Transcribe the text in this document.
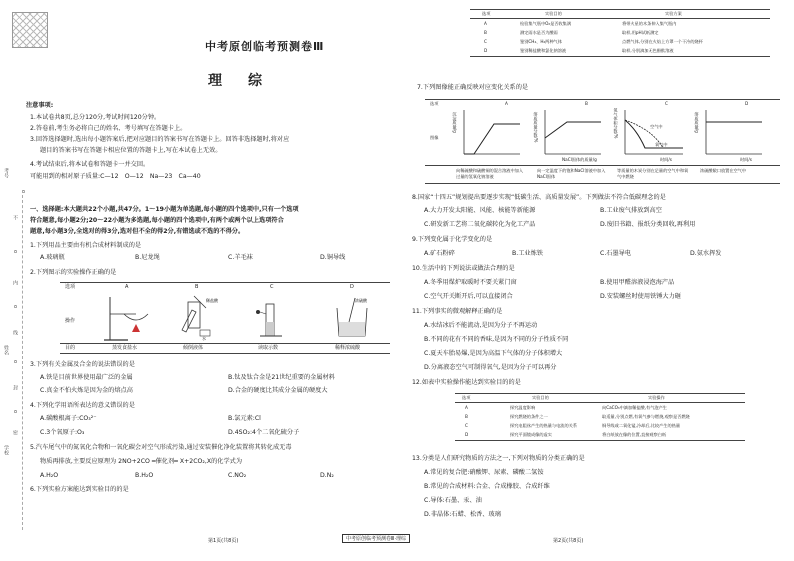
中考原创临考预测卷Ⅲ
理　综
注意事项:
1.本试卷共8页,总分120分,考试时间120分钟。
2.答卷前,考生务必将自己的姓名、考号填写在答题卡上。
3.回答选择题时,选出每小题答案后,把对应题目的答案书写在答题卡上。回答非选择题时,将对应
题目的答案书写在答题卡相应位置的答题卡上,写在本试卷上无效。
4.考试结束后,将本试卷和答题卡一并交回。
可能用到的相对原子质量:C—12　O—12　Na—23　Ca—40
考号
姓名
学校
o
不
o
内
o
线
o
封
o
密
一、选择题:本大题共22个小题,共47分。1～19小题为单选题,每小题的四个选项中,只有一个选项
符合题意,每小题2分;20～22小题为多选题,每小题的四个选项中,有两个或两个以上选项符合
题意,每小题3分,全选对的得3分,选对但不全的得2分,有错选或不选的不得分。
1.下列用品主要由有机合成材料制成的是
A.玻璃瓶	B.尼龙绳	C.羊毛袜	D.铜导线
2.下列图示的实验操作正确的是
选项	A	B	C	D
操作
稀盐酸
水
浓硫酸
目的	蒸发食盐水	倾倒液体	读取示数	稀释浓硫酸
3.下列有关金属及合金的说法错误的是
A.铁是目前世界使用最广泛的金属	B.钛及钛合金是21世纪重要的金属材料
C.真金不怕火炼是因为金的熔点高	D.合金的硬度比其成分金属的硬度大
4.下列化学用语所表达的意义错误的是
A.碳酸根离子:CO₃²⁻	B.氯元素:Cl
C.3个氧原子:O₃	D.4SO₂:4个二氧化硫分子
5.汽车尾气中的氮氧化合物和一氧化碳会对空气形成污染,通过安装催化净化装置将其转化成无毒
物质再排放,主要反应原理为 2NO+2CO ═催化剂═ X+2CO₂,X的化学式为
A.H₂O	B.H₂O	C.NO₂	D.N₂
6.下列实验方案能达到实验目的的是
第1页(共8页)	中考原创临考预测卷Ⅲ·理综	第2页(共8页)
选项	实验目的	实验方案
A	检验集气瓶中O₂是否收集满	将带火星的木条伸入集气瓶内
B	测定雨水是否为酸雨	取样,用pH试纸测定
C	鉴别CH₄、H₂两种气体	点燃气体,分别在火焰上方罩一个干冷的烧杯
D	鉴别稀盐酸和氯化钠溶液	取样,分别滴加无色酚酞溶液
7.下列图像能正确反映对应变化关系的是
选项	A	B	C	D
图像
沉淀质量/g	溶质质量分数/%
NaCl固体的质量/g
氧气体积分数/%	空气中
氧气中
时间/s
溶质质量/g
时间/s
向稀硫酸和硫酸铜的混合溶液中加入过量的氢氧化钠溶液
向一定温度下的饱和NaCl溶液中加入NaCl固体
等质量的木炭分别在足量的空气中和氧气中燃烧
浓硫酸敞口放置在空气中
8.国家“十四五”规划提出要逐步实现“低碳生活、高质量发展”。下列做法不符合低碳理念的是
A.大力开发太阳能、风能、核能等新能源	B.工业废气排放到高空
C.研发新工艺将二氧化碳转化为化工产品	D.废旧书籍、报纸分类回收,再利用
9.下列变化属于化学变化的是
A.矿石粉碎	B.工业炼铁	C.石墨导电	D.氨水挥发
10.生活中的下列说法或做法合理的是
A.冬季用煤炉取暖时不要关紧门窗	B.使用甲醛溶液浸泡海产品
C.空气开关断开后,可以直接闭合	D.安装螺丝时使用铁锤大力砸
11.下列事实的微观解释正确的是
A.水结冰后不能流动,是因为分子不再运动
B.不同的花有不同的香味,是因为不同的分子性质不同
C.夏天车胎易爆,是因为高温下气体的分子体积增大
D.分离液态空气可制得氧气,是因为分子可以再分
12.如表中实验操作能达到实验目的的是
选项	实验目的	实验操作
A	探究温度影响	向CaCO₃中滴加稀盐酸,有气泡产生
B	探究燃烧的条件之一	取适量,分别点燃,有氧气参与燃烧,观察是否燃烧
C	探究电阻丝产生的热量与电流的关系	铜导线或二氧化锰,冷却后,比较产生的热量
D	探究平面镜成像的虚实	将白纸放在像的位置,直接观察白纸
13.分类是人们研究物质的方法之一,下列对物质的分类正确的是
A.常见的复合肥:硝酸钾、尿素、磷酸二氢铵
B.常见的合成材料:合金、合成橡胶、合成纤维
C.导体:石墨、汞、油
D.非晶体:石蜡、松香、玻璃
